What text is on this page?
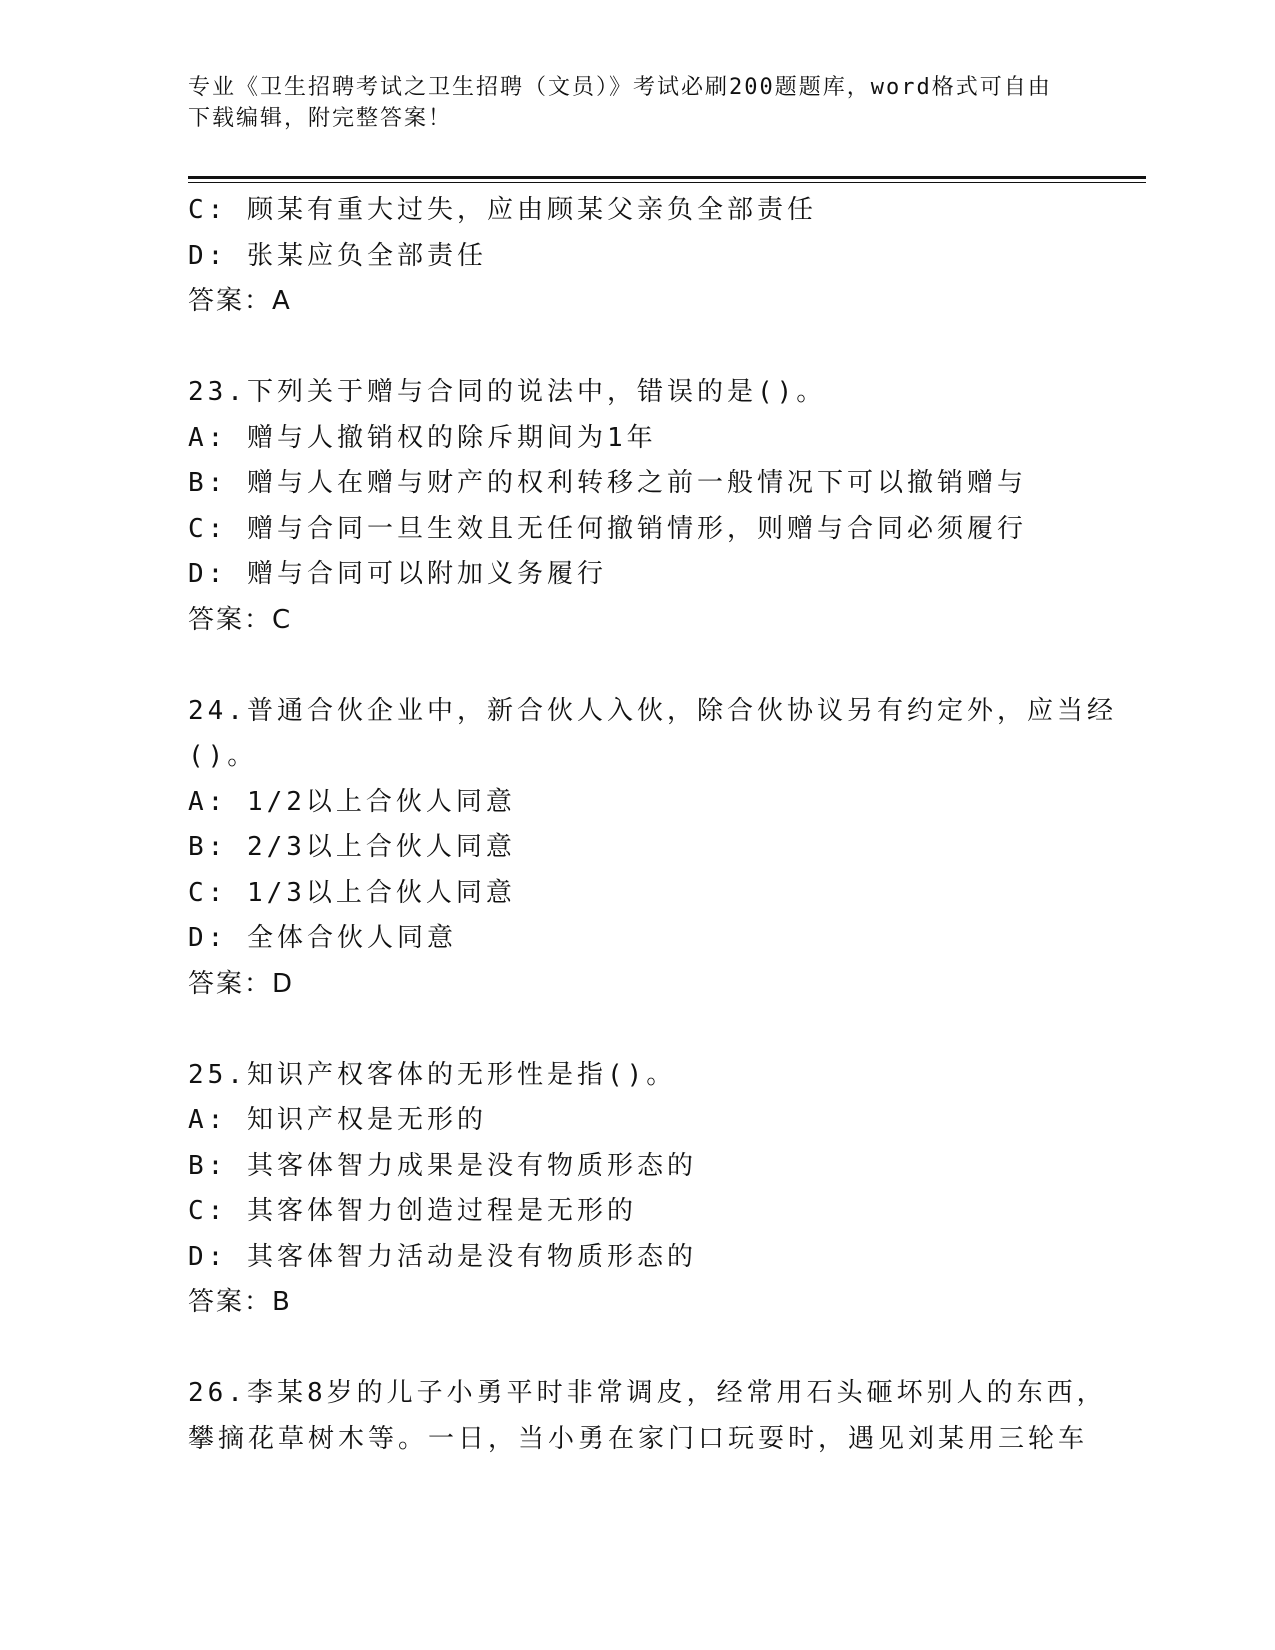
专业《卫生招聘考试之卫生招聘（文员）》考试必刷200题题库，word格式可自由下载编辑，附完整答案！
C: 顾某有重大过失，应由顾某父亲负全部责任
D: 张某应负全部责任
答案：A
23.下列关于赠与合同的说法中，错误的是()。
A: 赠与人撤销权的除斥期间为1年
B: 赠与人在赠与财产的权利转移之前一般情况下可以撤销赠与
C: 赠与合同一旦生效且无任何撤销情形，则赠与合同必须履行
D: 赠与合同可以附加义务履行
答案：C
24.普通合伙企业中，新合伙人入伙，除合伙协议另有约定外，应当经
()。
A: 1/2以上合伙人同意
B: 2/3以上合伙人同意
C: 1/3以上合伙人同意
D: 全体合伙人同意
答案：D
25.知识产权客体的无形性是指()。
A: 知识产权是无形的
B: 其客体智力成果是没有物质形态的
C: 其客体智力创造过程是无形的
D: 其客体智力活动是没有物质形态的
答案：B
26.李某8岁的儿子小勇平时非常调皮，经常用石头砸坏别人的东西，
攀摘花草树木等。一日，当小勇在家门口玩耍时，遇见刘某用三轮车
